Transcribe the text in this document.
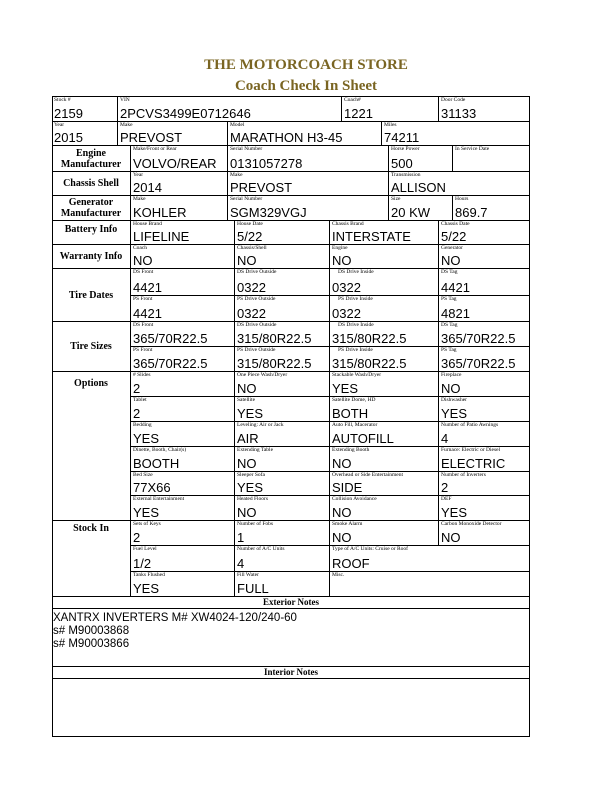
THE MOTORCOACH STORE
Coach Check In Sheet
Stock #
2159
VIN
2PCVS3499E0712646
Coach#
1221
Door Code
31133
Year
2015
Make
PREVOST
Model
MARATHON H3-45
Miles
74211
Engine Manufacturer
Make/Front or Rear
VOLVO/REAR
Serial Number
0131057278
Horse Power
500
In Service Date
Chassis Shell
Year
2014
Make
PREVOST
Transmission
ALLISON
Generator Manufacturer
Make
KOHLER
Serial Number
SGM329VGJ
Size
20 KW
Hours
869.7
Battery Info	House Brand
LIFELINE
House Date
5/22
Chassis Brand
INTERSTATE
Chassis Date
5/22
Warranty Info
Coach
NO
Chassis/Shell
NO
Engine
NO
Generator
NO
Tire Dates
DS Front
4421
DS Drive Outside
0322
DS Drive Inside
0322
DS Tag
4421
PS Front
4421
PS Drive Outside
0322
PS Drive Inside
0322
PS Tag
4821
Tire Sizes
DS Front
365/70R22.5
DS Drive Outside
315/80R22.5
DS Drive Inside
315/80R22.5
DS Tag
365/70R22.5
PS Front
365/70R22.5
PS Drive Outside
315/80R22.5
PS Drive Inside
315/80R22.5
PS Tag
365/70R22.5
Options
# Slides
2
One Piece Wash/Dryer
NO
Stackable Wash/Dryer
YES
Fireplace
NO
Tablet
2
Satellite
YES
Satellite Dome, HD
BOTH
Dishwasher
YES
Bedding
YES
Leveling: Air or Jack
AIR
Auto Fill, Macerator
AUTOFILL
Number of Patio Awnings
4
Dinette, Booth, Chair(s)
BOOTH
Extending Table
NO
Extending Booth
NO
Furnace: Electric or Diesel
ELECTRIC
Bed Size
77X66
Sleeper Sofa
YES
Overhead or Side Entertainment
SIDE
Number of Inverters
2
External Entertainment
YES
Heated Floors
NO
Collision Avoidance
NO
DEF
YES
Stock In	Sets of Keys
2
Number of Fobs
1
Smoke Alarm
NO
Carbon Monoxide Detector
NO
Fuel Level
1/2
Number of A/C Units
4
Type of A/C Units: Cruise or Roof
ROOF
Tanks Flushed
YES
Fill Water
FULL
Misc.
Exterior Notes
XANTRX INVERTERS M# XW4024-120/240-60
s# M90003868
s# M90003866
Interior Notes
